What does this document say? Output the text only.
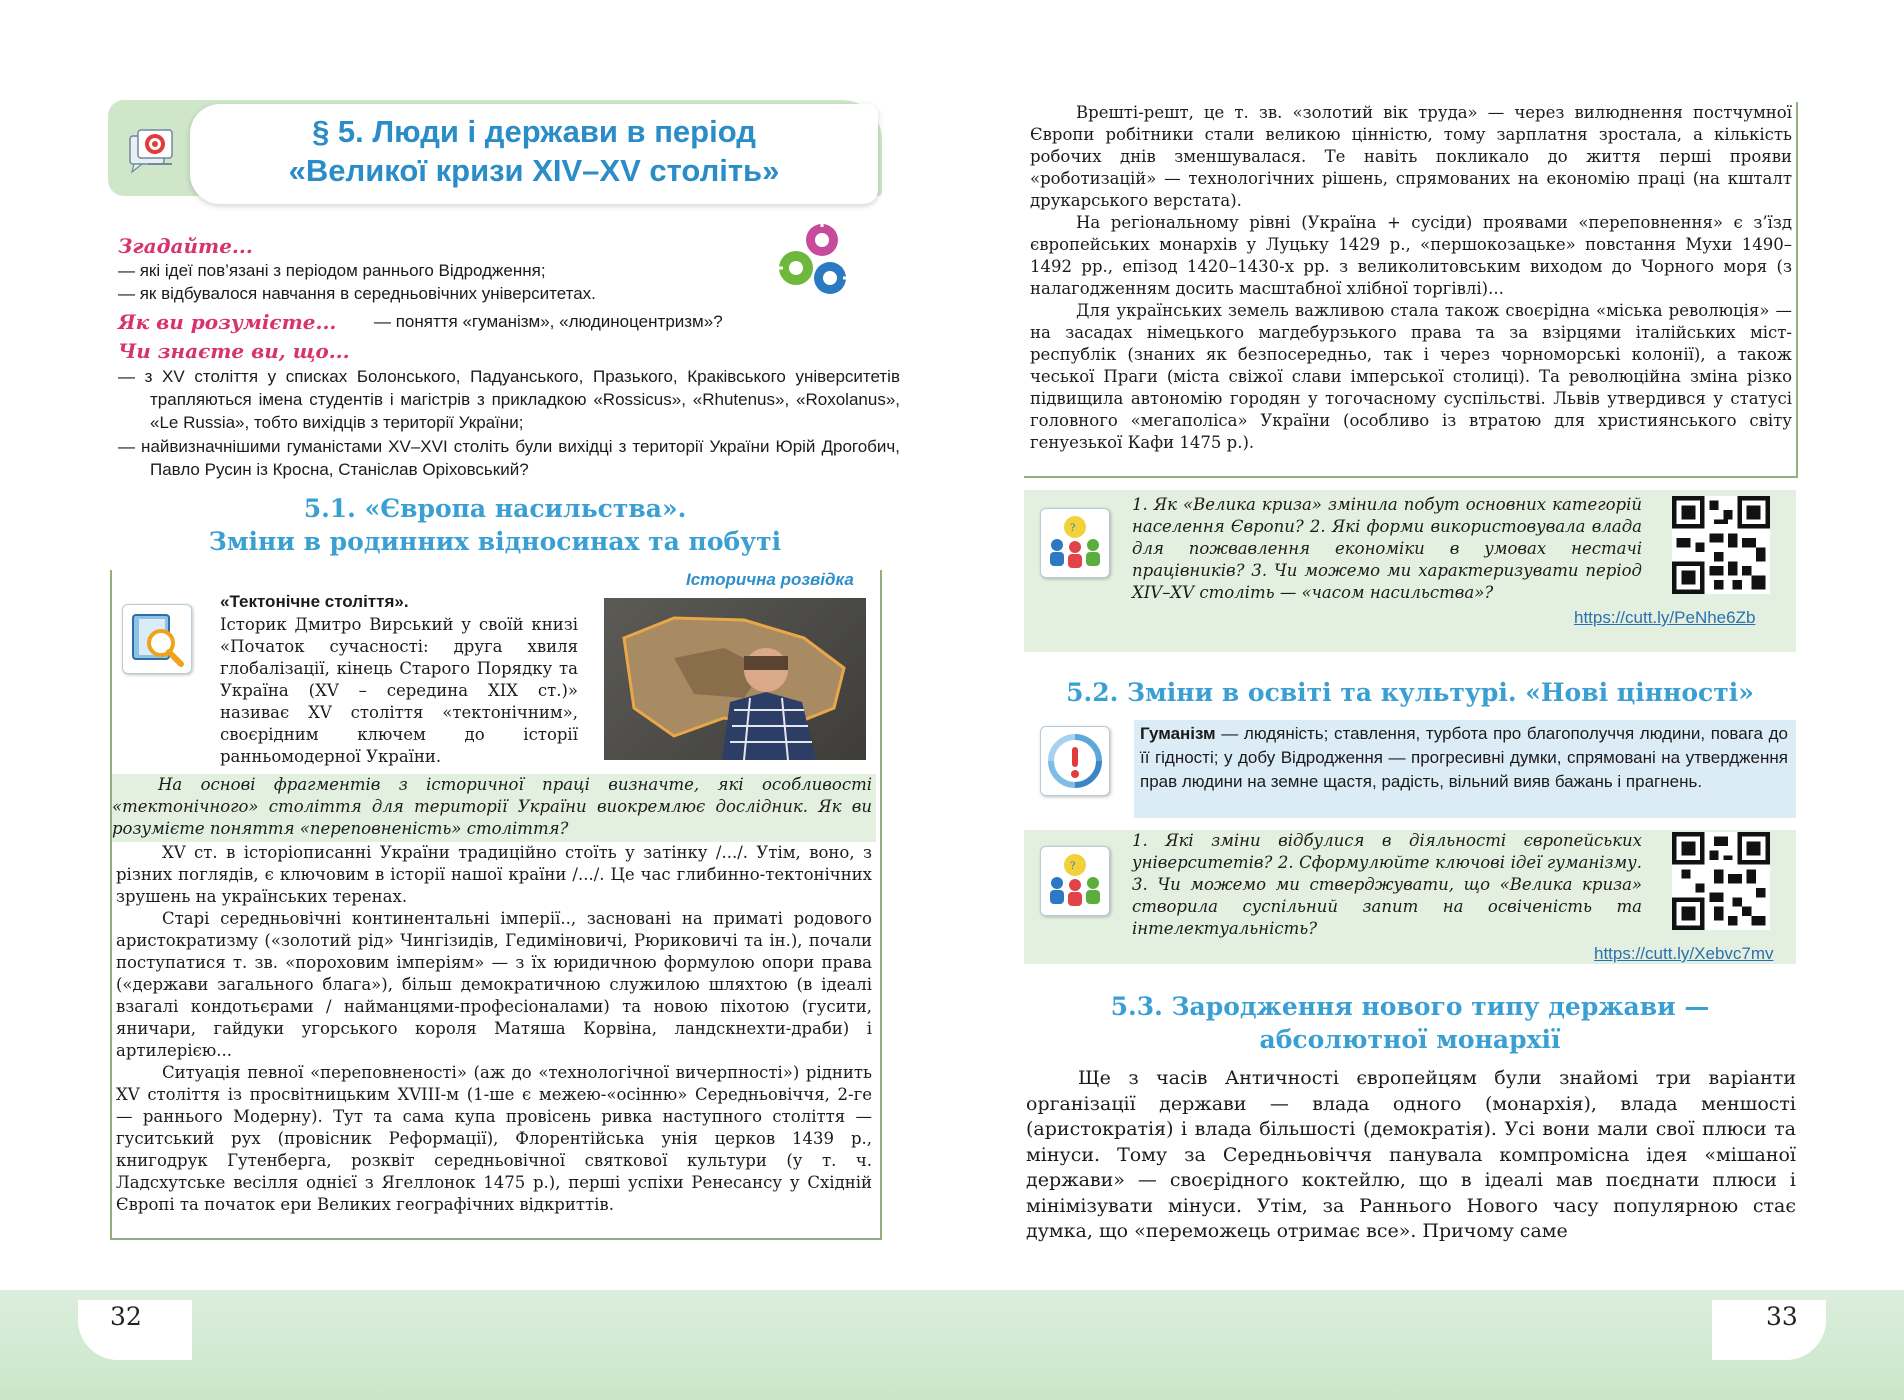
§ 5. Люди і держави в період
«Великої кризи XIV–XV століть»
Згадайте...
— які ідеї пов’язані з періодом раннього Відродження;
— як відбувалося навчання в середньовічних університетах.
Як ви розумієте... — поняття «гуманізм», «людиноцентризм»?
Чи знаєте ви, що...
— з XV століття у списках Болонського, Падуанського, Празького, Краківського університетів трапляються імена студентів і магістрів з прикладкою «Rossicus», «Rhutenus», «Roxolanus», «Le Russia», тобто вихідців з території України;
— найвизначнішими гуманістами XV–XVI століть були вихідці з території України Юрій Дрогобич, Павло Русин із Кросна, Станіслав Оріховський?
5.1. «Європа насильства».
Зміни в родинних відносинах та побуті
Історична розвідка
«Тектонічне століття».
Історик Дмитро Вирський у своїй книзі «Початок сучасності: друга хвиля глобалізації, кінець Старого Порядку та Україна (XV – середина XIX ст.)» називає XV століття «тектонічним», своєрідним ключем до історії ранньомодерної України.
На основі фрагментів з історичної праці визначте, які особливості «тектонічного» століття для території України виокремлює дослідник. Як ви розумієте поняття «переповненість» століття?
XV ст. в історіописанні України традиційно стоїть у затінку /.../. Утім, воно, з різних поглядів, є ключовим в історії нашої країни /.../. Це час глибинно-тектонічних зрушень на українських теренах.
Старі середньовічні континентальні імперії.., засновані на приматі родового аристократизму («золотий рід» Чингізидів, Гедиміновичі, Рюриковичі та ін.), почали поступатися т. зв. «пороховим імперіям» — з їх юридичною формулою опори права («держави загального блага»), більш демократичною служилою шляхтою (в ідеалі взагалі кондотьєрами / найманцями-професіоналами) та новою піхотою (гусити, яничари, гайдуки угорського короля Матяша Корвіна, ландскнехти-драби) і артилерією...
Ситуація певної «переповненості» (аж до «технологічної вичерпності») ріднить XV століття із просвітницьким XVIII-м (1-ше є межею-«осінню» Середньовіччя, 2-ге — раннього Модерну). Тут та сама купа провісень ривка наступного століття — гуситський рух (провісник Реформації), Флорентійська унія церков 1439 р., книгодрук Гутенберга, розквіт середньовічної святкової культури (у т. ч. Ладсхутське весілля однієї з Ягеллонок 1475 р.), перші успіхи Ренесансу у Східній Європі та початок ери Великих географічних відкриттів.
Врешті-решт, це т. зв. «золотий вік труда» — через вилюднення постчумної Європи робітники стали великою цінністю, тому зарплатня зростала, а кількість робочих днів зменшувалася. Те навіть покликало до життя перші прояви «роботизацій» — технологічних рішень, спрямованих на економію праці (на кшталт друкарського верстата).
На регіональному рівні (Україна + сусіди) проявами «переповнення» є з’їзд європейських монархів у Луцьку 1429 р., «першокозацьке» повстання Мухи 1490–1492 рр., епізод 1420–1430-х рр. з великолитовським виходом до Чорного моря (з налагодженням досить масштабної хлібної торгівлі)...
Для українських земель важливою стала також своєрідна «міська революція» — на засадах німецького магдебурзького права та за взірцями італійських міст-республік (знаних як безпосередньо, так і через чорноморські колонії), а також чеської Праги (міста свіжої слави імперської столиці). Та революційна зміна різко підвищила автономію городян у тогочасному суспільстві. Львів утвердився у статусі головного «мегаполіса» України (особливо із втратою для християнського світу генуезької Кафи 1475 р.).
?
1. Як «Велика криза» змінила побут основних категорій населення Європи? 2. Які форми використовувала влада для пожвавлення економіки в умовах нестачі працівників? 3. Чи можемо ми характеризувати період XIV–XV століть — «часом насильства»?
https://cutt.ly/PeNhe6Zb
5.2. Зміни в освіті та культурі. «Нові цінності»
Гуманізм — людяність; ставлення, турбота про благополуччя людини, повага до її гідності; у добу Відродження — прогресивні думки, спрямовані на утвердження прав людини на земне щастя, радість, вільний вияв бажань і прагнень.
?
1. Які зміни відбулися в діяльності європейських університетів? 2. Сформулюйте ключові ідеї гуманізму. 3. Чи можемо ми стверджувати, що «Велика криза» створила суспільний запит на освіченість та інтелектуальність?
https://cutt.ly/Xebvc7mv
5.3. Зародження нового типу держави —
абсолютної монархії
Ще з часів Античності європейцям були знайомі три варіанти організації держави — влада одного (монархія), влада меншості (аристократія) і влада більшості (демократія). Усі вони мали свої плюси та мінуси. Тому за Середньовіччя панувала компромісна ідея «мішаної держави» — своєрідного коктейлю, що в ідеалі мав поєднати плюси і мінімізувати мінуси. Утім, за Раннього Нового часу популярною стає думка, що «переможець отримає все». Причому саме
32	33
